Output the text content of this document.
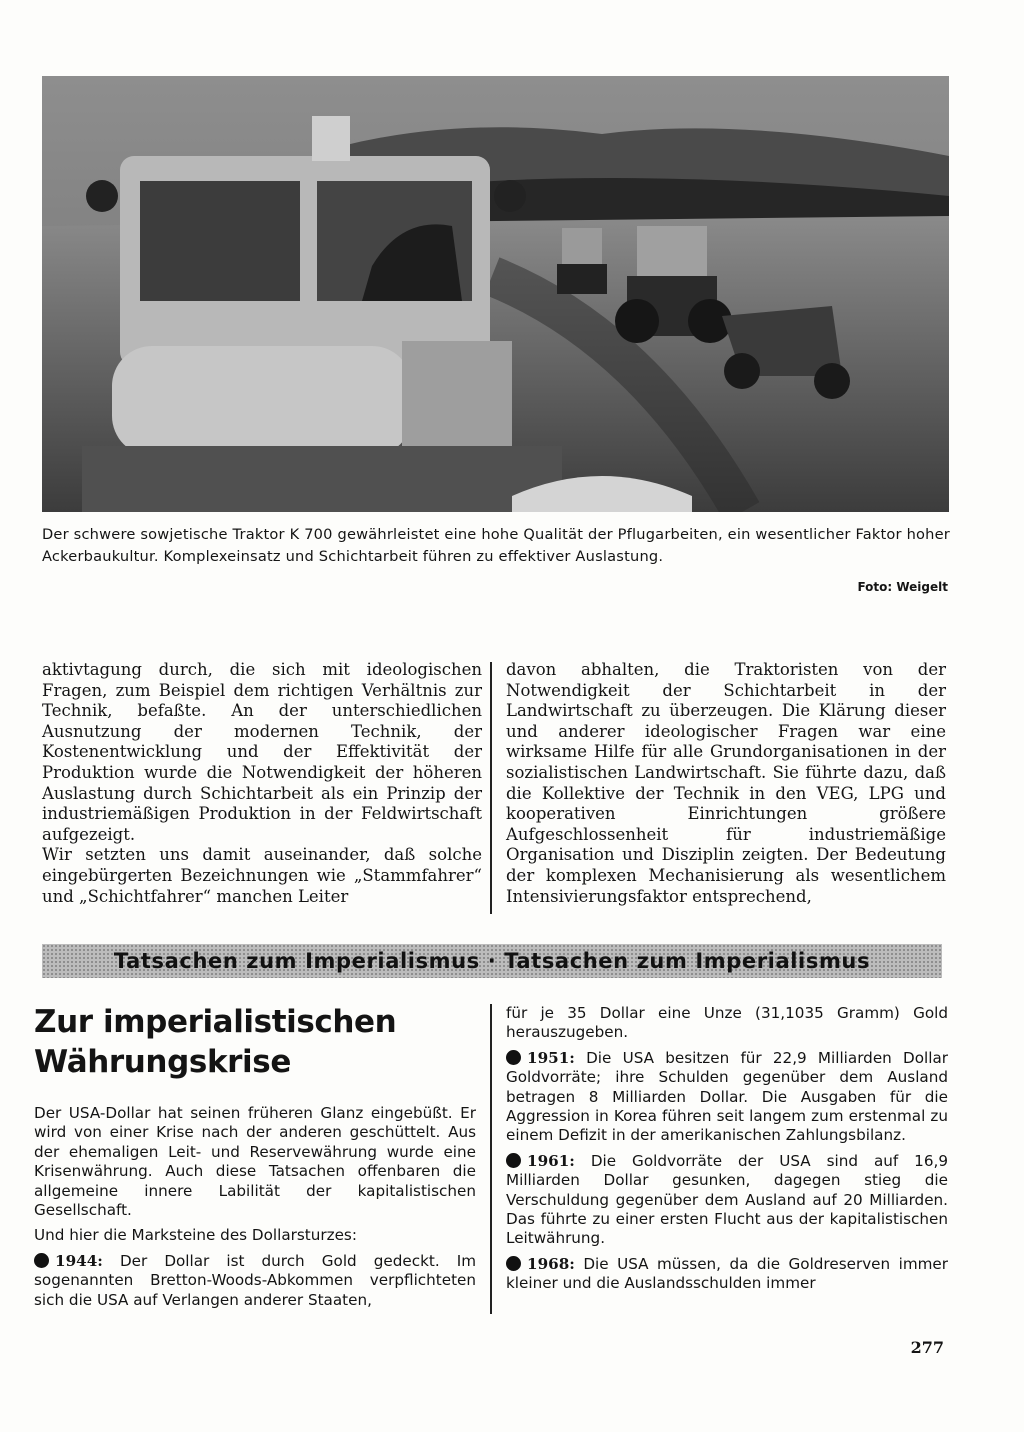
Der schwere sowjetische Traktor K 700 gewährleistet eine hohe Qualität der Pflugarbeiten, ein wesentlicher Faktor hoher Ackerbaukultur. Komplexeinsatz und Schichtarbeit führen zu effektiver Auslastung.
Foto: Weigelt

aktivtagung durch, die sich mit ideologischen Fragen, zum Beispiel dem richtigen Verhältnis zur Technik, befaßte. An der unterschiedlichen Ausnutzung der modernen Technik, der Kostenentwicklung und der Effektivität der Produktion wurde die Notwendigkeit der höheren Auslastung durch Schichtarbeit als ein Prinzip der industriemäßigen Produktion in der Feldwirtschaft aufgezeigt.

Wir setzten uns damit auseinander, daß solche eingebürgerten Bezeichnungen wie „Stammfahrer“ und „Schichtfahrer“ manchen Leiter

davon abhalten, die Traktoristen von der Notwendigkeit der Schichtarbeit in der Landwirtschaft zu überzeugen. Die Klärung dieser und anderer ideologischer Fragen war eine wirksame Hilfe für alle Grundorganisationen in der sozialistischen Landwirtschaft. Sie führte dazu, daß die Kollektive der Technik in den VEG, LPG und kooperativen Einrichtungen größere Aufgeschlossenheit für industriemäßige Organisation und Disziplin zeigten. Der Bedeutung der komplexen Mechanisierung als wesentlichem Intensivierungsfaktor entsprechend,

Tatsachen zum Imperialismus · Tatsachen zum Imperialismus
Zur imperialistischen Währungskrise

Der USA-Dollar hat seinen früheren Glanz eingebüßt. Er wird von einer Krise nach der anderen geschüttelt. Aus der ehemaligen Leit- und Reservewährung wurde eine Krisenwährung. Auch diese Tatsachen offenbaren die allgemeine innere Labilität der kapitalistischen Gesellschaft.

Und hier die Marksteine des Dollarsturzes:

1944: Der Dollar ist durch Gold gedeckt. Im sogenannten Bretton-Woods-Abkommen verpflichteten sich die USA auf Verlangen anderer Staaten,

für je 35 Dollar eine Unze (31,1035 Gramm) Gold herauszugeben.

1951: Die USA besitzen für 22,9 Milliarden Dollar Goldvorräte; ihre Schulden gegenüber dem Ausland betragen 8 Milliarden Dollar. Die Ausgaben für die Aggression in Korea führen seit langem zum erstenmal zu einem Defizit in der amerikanischen Zahlungsbilanz.

1961: Die Goldvorräte der USA sind auf 16,9 Milliarden Dollar gesunken, dagegen stieg die Verschuldung gegenüber dem Ausland auf 20 Milliarden. Das führte zu einer ersten Flucht aus der kapitalistischen Leitwährung.

1968: Die USA müssen, da die Goldreserven immer kleiner und die Auslandsschulden immer

277
